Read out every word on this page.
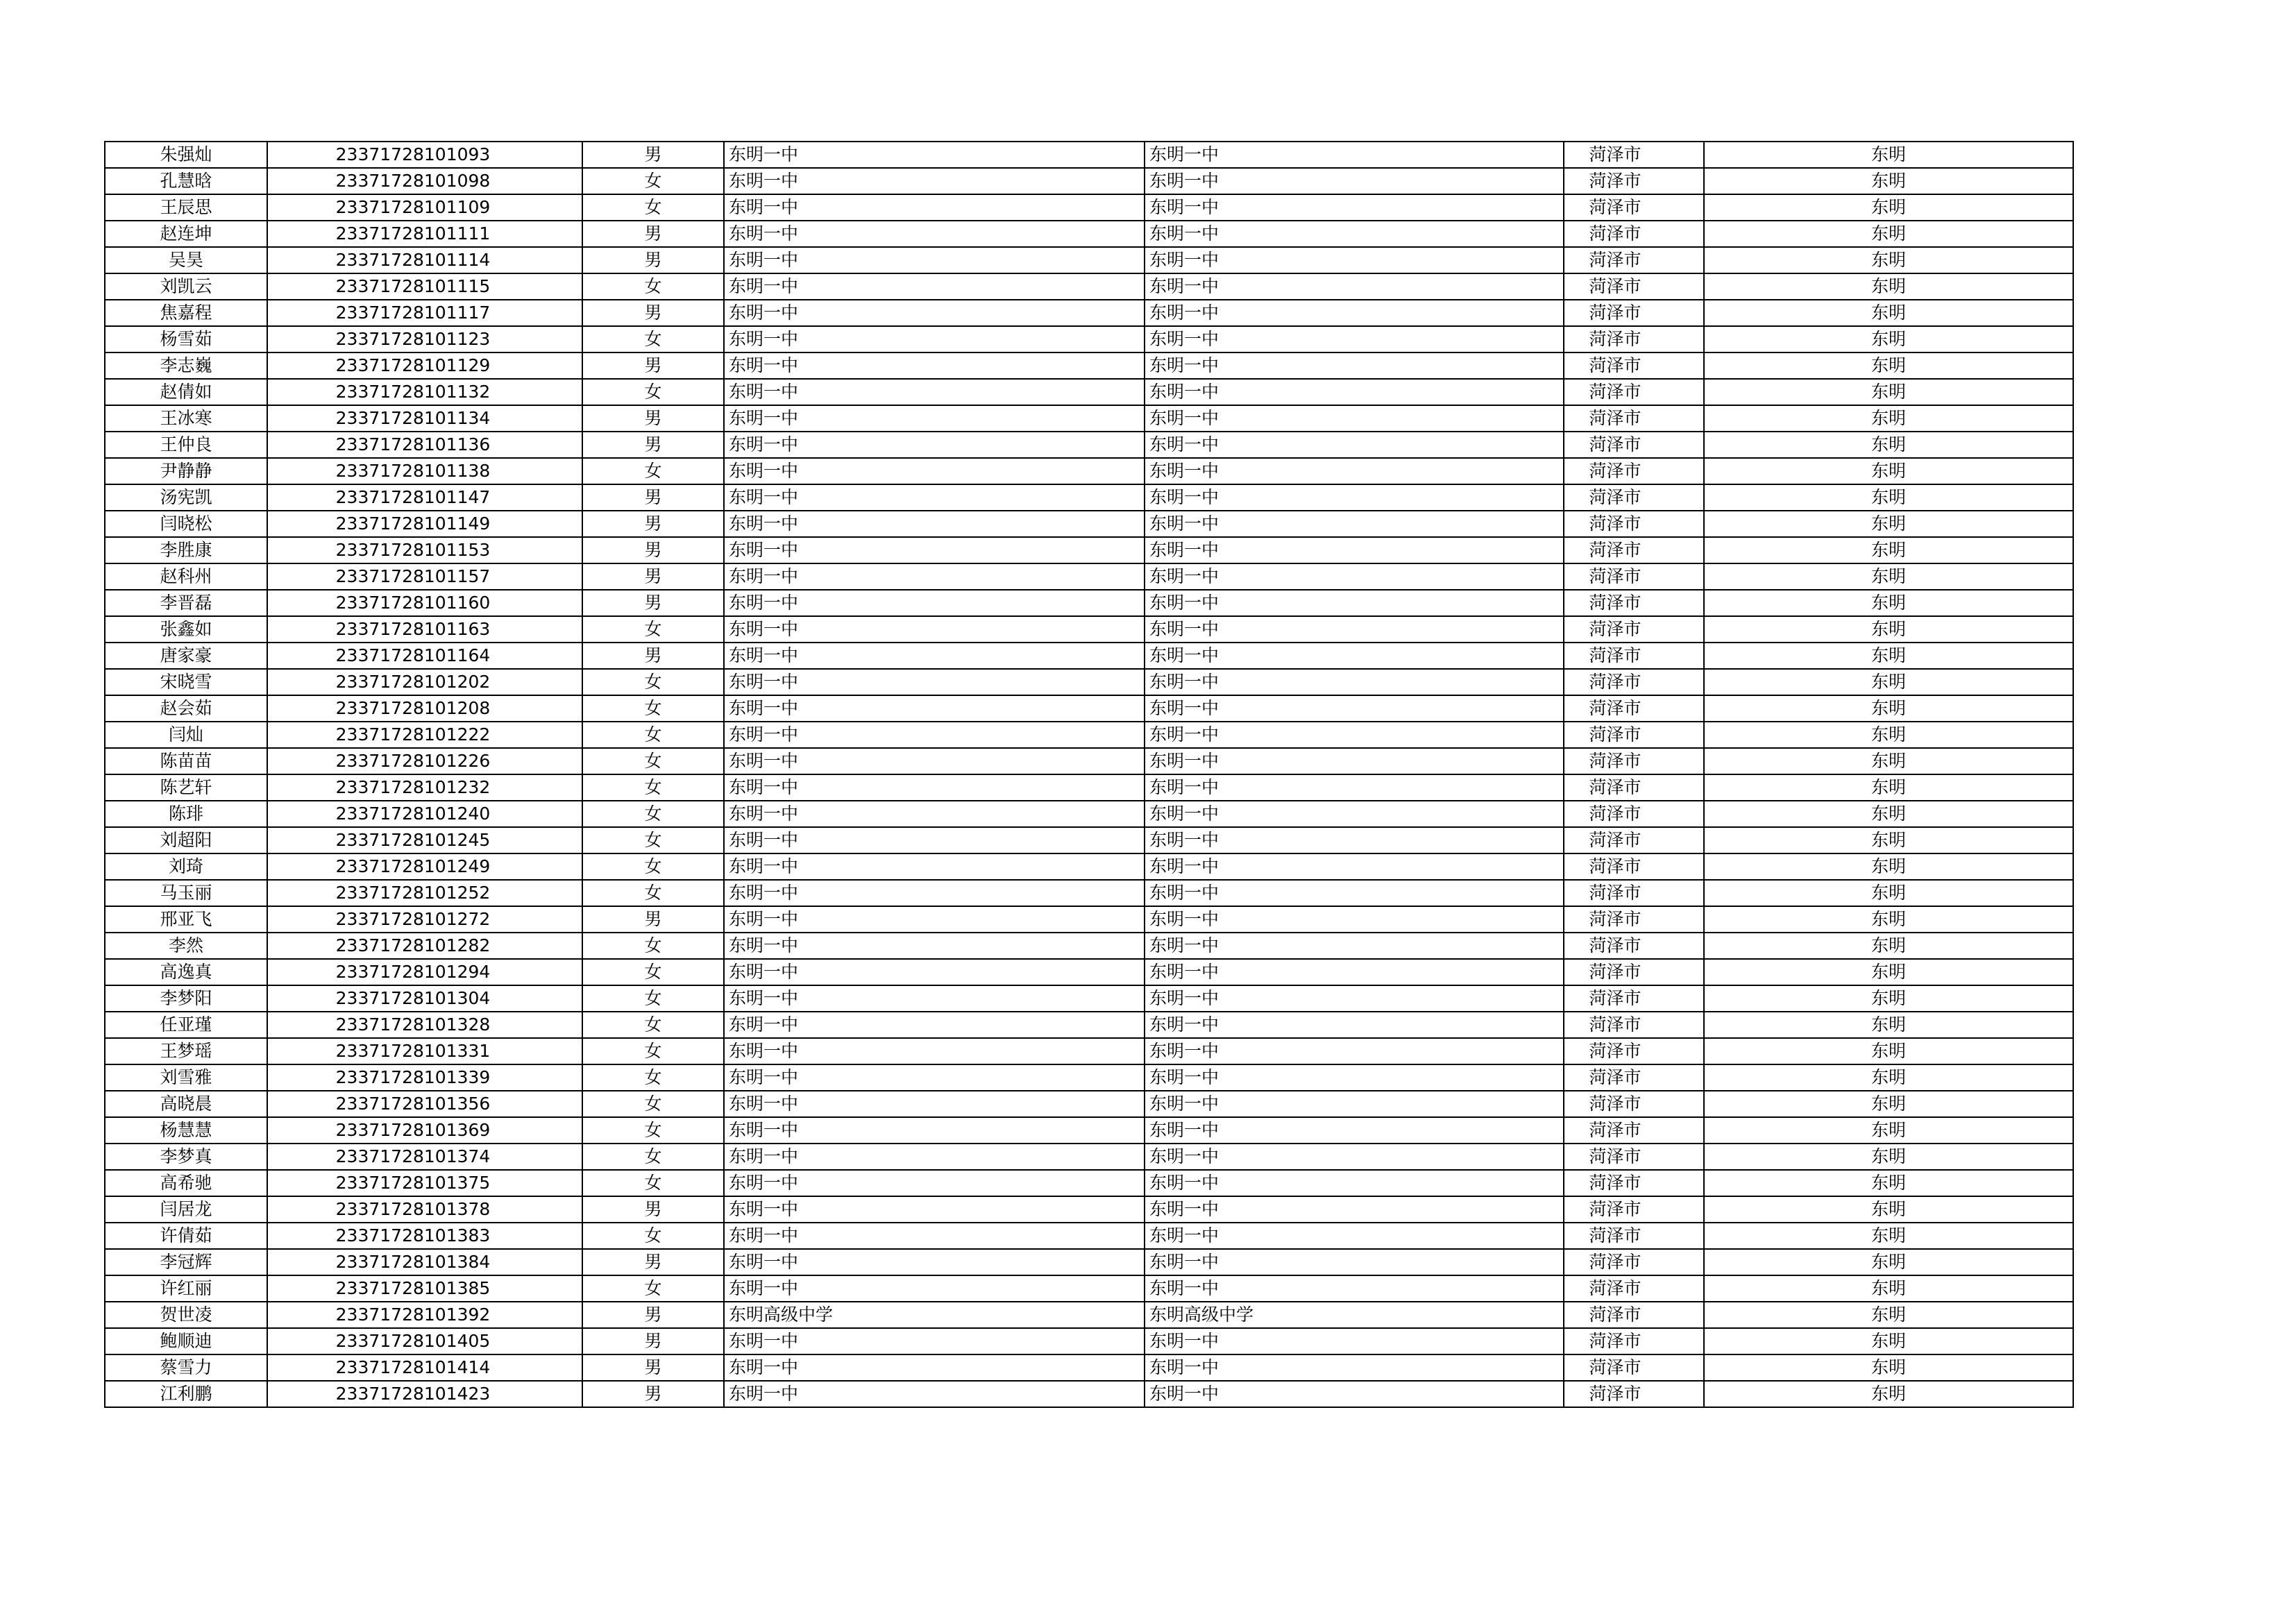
朱强灿	23371728101093	男	东明一中	东明一中	菏泽市	东明
孔慧晗	23371728101098	女	东明一中	东明一中	菏泽市	东明
王辰思	23371728101109	女	东明一中	东明一中	菏泽市	东明
赵连坤	23371728101111	男	东明一中	东明一中	菏泽市	东明
吴昊	23371728101114	男	东明一中	东明一中	菏泽市	东明
刘凯云	23371728101115	女	东明一中	东明一中	菏泽市	东明
焦嘉程	23371728101117	男	东明一中	东明一中	菏泽市	东明
杨雪茹	23371728101123	女	东明一中	东明一中	菏泽市	东明
李志巍	23371728101129	男	东明一中	东明一中	菏泽市	东明
赵倩如	23371728101132	女	东明一中	东明一中	菏泽市	东明
王冰寒	23371728101134	男	东明一中	东明一中	菏泽市	东明
王仲良	23371728101136	男	东明一中	东明一中	菏泽市	东明
尹静静	23371728101138	女	东明一中	东明一中	菏泽市	东明
汤宪凯	23371728101147	男	东明一中	东明一中	菏泽市	东明
闫晓松	23371728101149	男	东明一中	东明一中	菏泽市	东明
李胜康	23371728101153	男	东明一中	东明一中	菏泽市	东明
赵科州	23371728101157	男	东明一中	东明一中	菏泽市	东明
李晋磊	23371728101160	男	东明一中	东明一中	菏泽市	东明
张鑫如	23371728101163	女	东明一中	东明一中	菏泽市	东明
唐家豪	23371728101164	男	东明一中	东明一中	菏泽市	东明
宋晓雪	23371728101202	女	东明一中	东明一中	菏泽市	东明
赵会茹	23371728101208	女	东明一中	东明一中	菏泽市	东明
闫灿	23371728101222	女	东明一中	东明一中	菏泽市	东明
陈苗苗	23371728101226	女	东明一中	东明一中	菏泽市	东明
陈艺轩	23371728101232	女	东明一中	东明一中	菏泽市	东明
陈琲	23371728101240	女	东明一中	东明一中	菏泽市	东明
刘超阳	23371728101245	女	东明一中	东明一中	菏泽市	东明
刘琦	23371728101249	女	东明一中	东明一中	菏泽市	东明
马玉丽	23371728101252	女	东明一中	东明一中	菏泽市	东明
邢亚飞	23371728101272	男	东明一中	东明一中	菏泽市	东明
李然	23371728101282	女	东明一中	东明一中	菏泽市	东明
高逸真	23371728101294	女	东明一中	东明一中	菏泽市	东明
李梦阳	23371728101304	女	东明一中	东明一中	菏泽市	东明
任亚瑾	23371728101328	女	东明一中	东明一中	菏泽市	东明
王梦瑶	23371728101331	女	东明一中	东明一中	菏泽市	东明
刘雪雅	23371728101339	女	东明一中	东明一中	菏泽市	东明
高晓晨	23371728101356	女	东明一中	东明一中	菏泽市	东明
杨慧慧	23371728101369	女	东明一中	东明一中	菏泽市	东明
李梦真	23371728101374	女	东明一中	东明一中	菏泽市	东明
高希驰	23371728101375	女	东明一中	东明一中	菏泽市	东明
闫居龙	23371728101378	男	东明一中	东明一中	菏泽市	东明
许倩茹	23371728101383	女	东明一中	东明一中	菏泽市	东明
李冠辉	23371728101384	男	东明一中	东明一中	菏泽市	东明
许红丽	23371728101385	女	东明一中	东明一中	菏泽市	东明
贺世凌	23371728101392	男	东明高级中学	东明高级中学	菏泽市	东明
鲍顺迪	23371728101405	男	东明一中	东明一中	菏泽市	东明
蔡雪力	23371728101414	男	东明一中	东明一中	菏泽市	东明
江利鹏	23371728101423	男	东明一中	东明一中	菏泽市	东明
